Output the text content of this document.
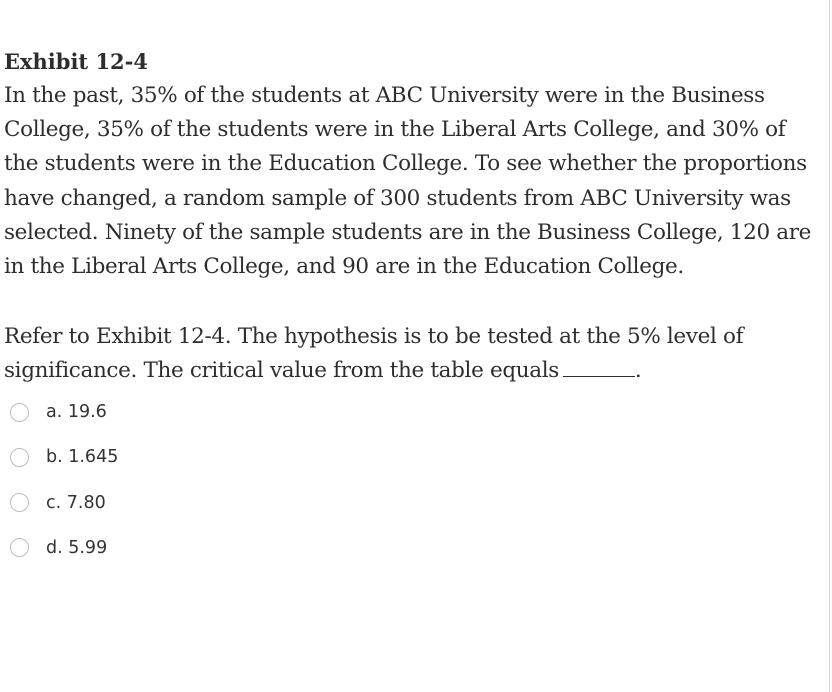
Exhibit 12-4

In the past, 35% of the students at ABC University were in the Business College, 35% of the students were in the Liberal Arts College, and 30% of the students were in the Education College. To see whether the proportions have changed, a random sample of 300 students from ABC University was selected. Ninety of the sample students are in the Business College, 120 are in the Liberal Arts College, and 90 are in the Education College.

Refer to Exhibit 12-4. The hypothesis is to be tested at the 5% level of significance. The critical value from the table equals	.

a. 19.6
b. 1.645
c. 7.80
d. 5.99
